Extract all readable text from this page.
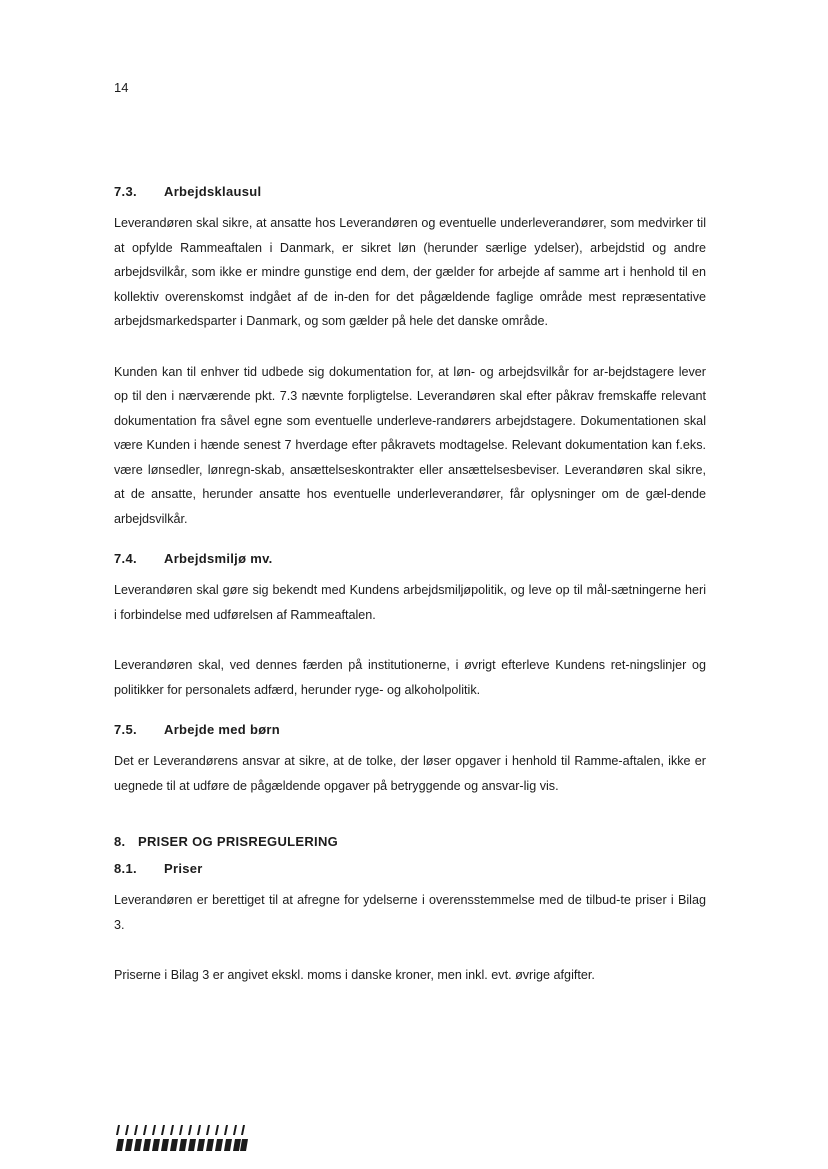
14
7.3.	Arbejdsklausul

Leverandøren skal sikre, at ansatte hos Leverandøren og eventuelle underleverandører, som medvirker til at opfylde Rammeaftalen i Danmark, er sikret løn (herunder særlige ydelser), arbejdstid og andre arbejdsvilkår, som ikke er mindre gunstige end dem, der gælder for arbejde af samme art i henhold til en kollektiv overenskomst indgået af de in-den for det pågældende faglige område mest repræsentative arbejdsmarkedsparter i Danmark, og som gælder på hele det danske område.

Kunden kan til enhver tid udbede sig dokumentation for, at løn- og arbejdsvilkår for ar-bejdstagere lever op til den i nærværende pkt. 7.3 nævnte forpligtelse. Leverandøren skal efter påkrav fremskaffe relevant dokumentation fra såvel egne som eventuelle underleve-randørers arbejdstagere. Dokumentationen skal være Kunden i hænde senest 7 hverdage efter påkravets modtagelse. Relevant dokumentation kan f.eks. være lønsedler, lønregn-skab, ansættelseskontrakter eller ansættelsesbeviser. Leverandøren skal sikre, at de ansatte, herunder ansatte hos eventuelle underleverandører, får oplysninger om de gæl-dende arbejdsvilkår.

7.4.	Arbejdsmiljø mv.

Leverandøren skal gøre sig bekendt med Kundens arbejdsmiljøpolitik, og leve op til mål-sætningerne heri i forbindelse med udførelsen af Rammeaftalen.

Leverandøren skal, ved dennes færden på institutionerne, i øvrigt efterleve Kundens ret-ningslinjer og politikker for personalets adfærd, herunder ryge- og alkoholpolitik.

7.5.	Arbejde med børn

Det er Leverandørens ansvar at sikre, at de tolke, der løser opgaver i henhold til Ramme-aftalen, ikke er uegnede til at udføre de pågældende opgaver på betryggende og ansvar-lig vis.

8. PRISER OG PRISREGULERING
8.1.	Priser

Leverandøren er berettiget til at afregne for ydelserne i overensstemmelse med de tilbud-te priser i Bilag 3.

Priserne i Bilag 3 er angivet ekskl. moms i danske kroner, men inkl. evt. øvrige afgifter.
